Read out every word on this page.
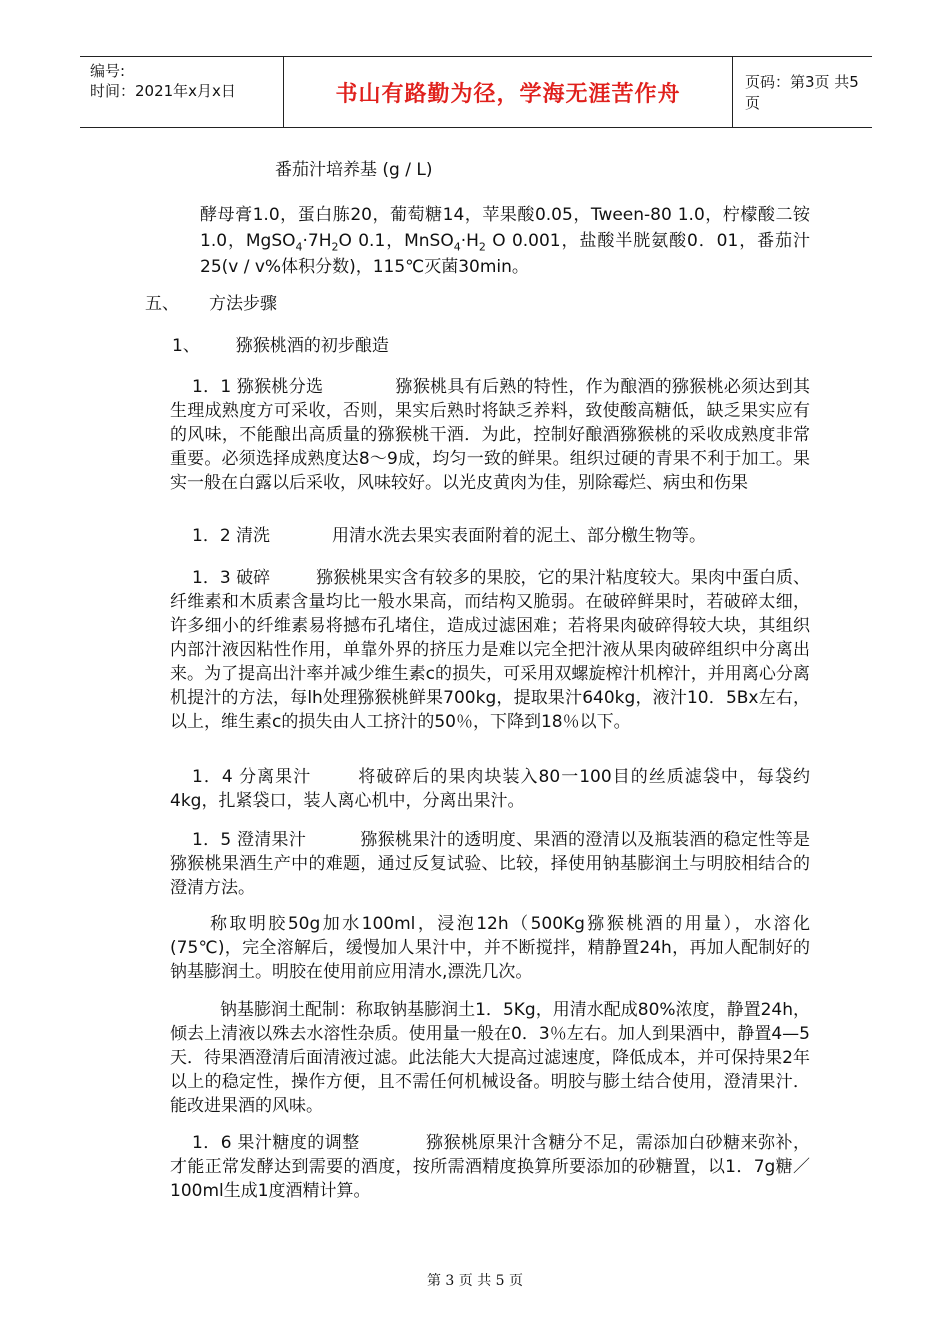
编号:
时间：2021年x月x日	书山有路勤为径，学海无涯苦作舟	页码：第3页 共5页

番茄汁培养基 (g / L)

酵母膏1.0，蛋白胨20，葡萄糖14，苹果酸0.05，Tween-80 1.0，柠檬酸二铵1.0，$MgSO_4\cdot 7H_2O$ 0.1，$MnSO_4\cdot H_2$ O 0.001，盐酸半胱氨酸0．01，番茄汁25(v / v%体积分数)，115℃灭菌30min。

五、 方法步骤

1、 猕猴桃酒的初步酿造

1．1 猕猴桃分选	猕猴桃具有后熟的特性，作为酿酒的猕猴桃必须达到其生理成熟度方可采收，否则，果实后熟时将缺乏养料，致使酸高糖低，缺乏果实应有的风味，不能酿出高质量的猕猴桃干酒．为此，控制好酿酒猕猴桃的采收成熟度非常重要。必须选择成熟度达8～9成，均匀一致的鲜果。组织过硬的青果不利于加工。果实一般在白露以后采收，风味较好。以光皮黄肉为佳，别除霉烂、病虫和伤果

1．2 清洗	用清水洗去果实表面附着的泥土、部分檄生物等。

1．3 破碎	猕猴桃果实含有较多的果胶，它的果汁粘度较大。果肉中蛋白质、纤维素和木质素含量均比一般水果高，而结构又脆弱。在破碎鲜果时，若破碎太细，许多细小的纤维素易将撼布孔堵住，造成过滤困难；若将果肉破碎得较大块，其组织内部汁液因粘性作用，单靠外界的挤压力是难以完全把汁液从果肉破碎组织中分离出来。为了提高出汁率并减少维生素c的损失，可采用双螺旋榨汁机榨汁，并用离心分离机提汁的方法，每lh处理猕猴桃鲜果700kg，提取果汁640kg，液汁10．5Bx左右，以上，维生素c的损失由人工挤汁的50％，下降到18％以下。

1．4 分离果汁	将破碎后的果肉块装入80一100目的丝质滤袋中，每袋约4kg，扎紧袋口，装人离心机中，分离出果汁。

1．5 澄清果汁	猕猴桃果汁的透明度、果酒的澄清以及瓶装酒的稳定性等是猕猴桃果酒生产中的难题，通过反复试验、比较，择使用钠基膨润土与明胶相结合的澄清方法。

称取明胶50g加水100ml，浸泡12h（500Kg猕猴桃酒的用量），水溶化(75℃)，完全溶解后，缓慢加人果汁中，并不断搅拌，精静置24h，再加人配制好的钠基膨润土。明胶在使用前应用清水,漂洗几次。

钠基膨润土配制：称取钠基膨润土1．5Kg，用清水配成80%浓度，静置24h，倾去上清液以殊去水溶性杂质。使用量一般在0．3％左右。加人到果酒中，静置4—5天．待果酒澄清后面清液过滤。此法能大大提高过滤速度，降低成本，并可保持果2年以上的稳定性，操作方便，且不需任何机械设备。明胶与膨土结合使用，澄清果汁．能改进果酒的风味。

1．6 果汁糖度的调整	猕猴桃原果汁含糖分不足，需添加白砂糖来弥补，才能正常发酵达到需要的酒度，按所需酒精度换算所要添加的砂糖置，以1．7g糖／100ml生成1度酒精计算。

第 3 页 共 5 页
